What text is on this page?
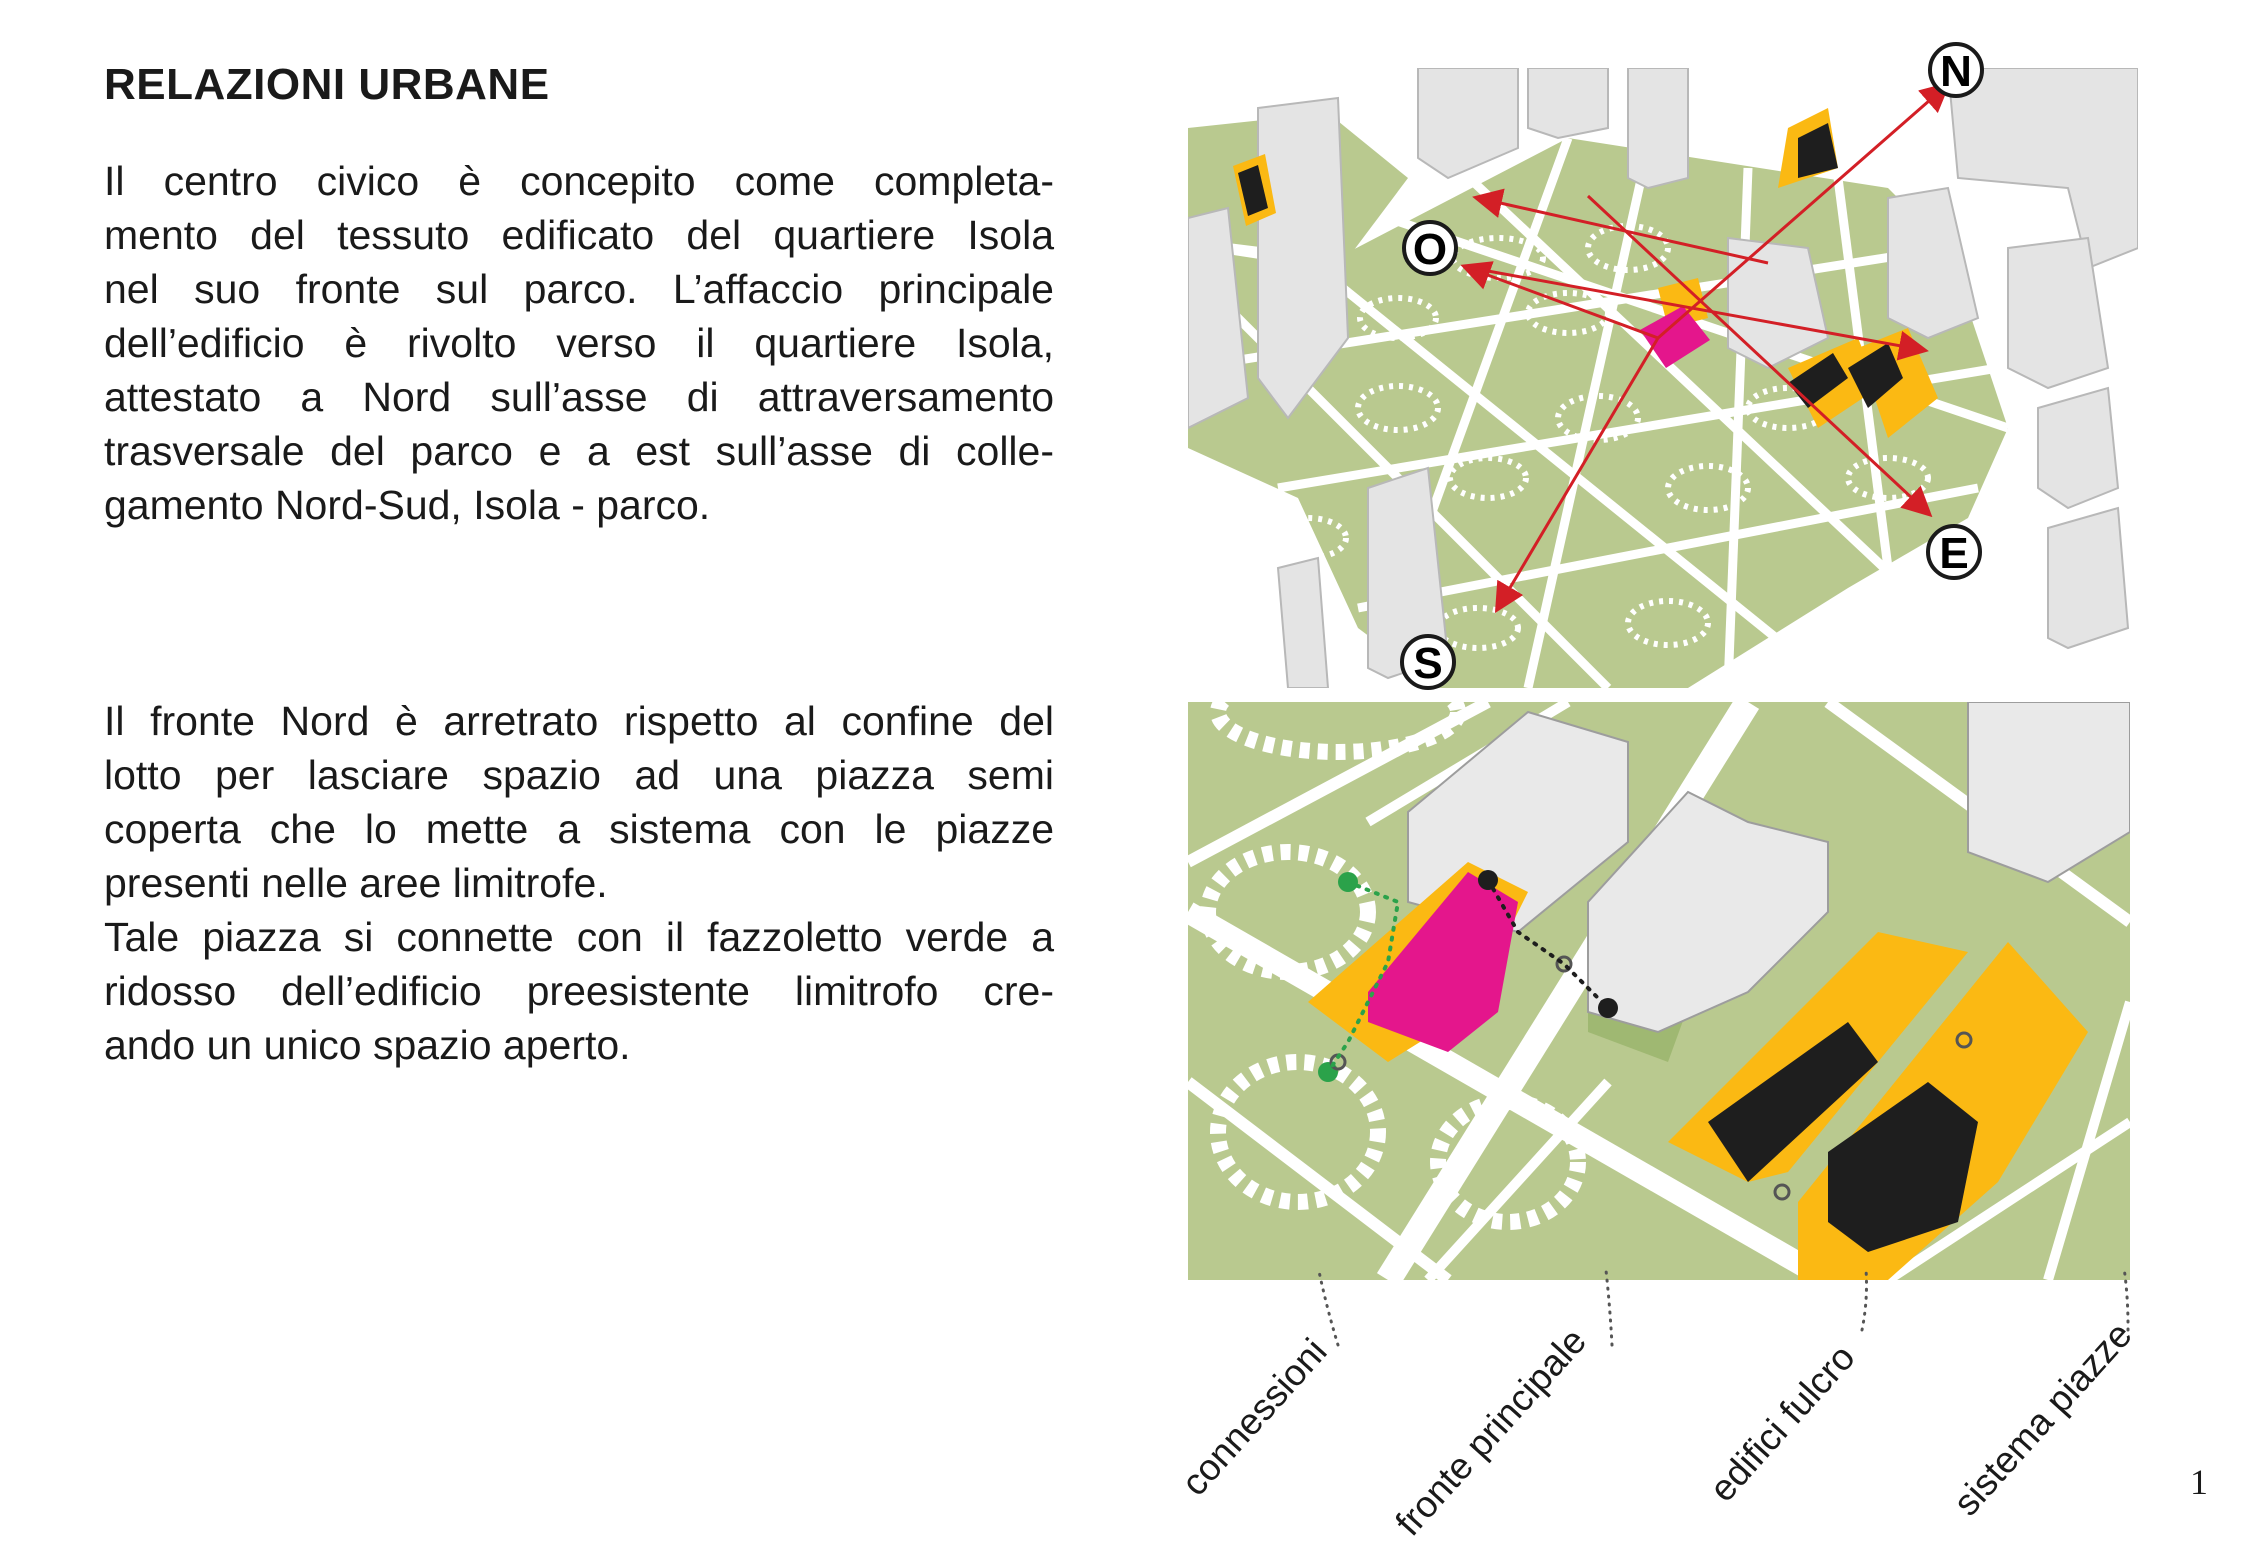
RELAZIONI URBANE

Il centro civico è concepito come completa-
mento del tessuto edificato del quartiere Isola
nel suo fronte sul parco. L’affaccio principale
dell’edificio è rivolto verso il quartiere Isola,
attestato a Nord sull’asse di attraversamento
trasversale del parco e a est sull’asse di colle-
gamento Nord-Sud, Isola - parco.

Il fronte Nord è arretrato rispetto al confine del
lotto per lasciare spazio ad una piazza semi
coperta che lo mette a sistema con le piazze
presenti nelle aree limitrofe.
Tale piazza si connette con il fazzoletto verde a
ridosso dell’edificio preesistente limitrofo cre-
ando un unico spazio aperto.

N
O
E
S
connessioni fronte principale	edifici fulcro sistema piazze 1
